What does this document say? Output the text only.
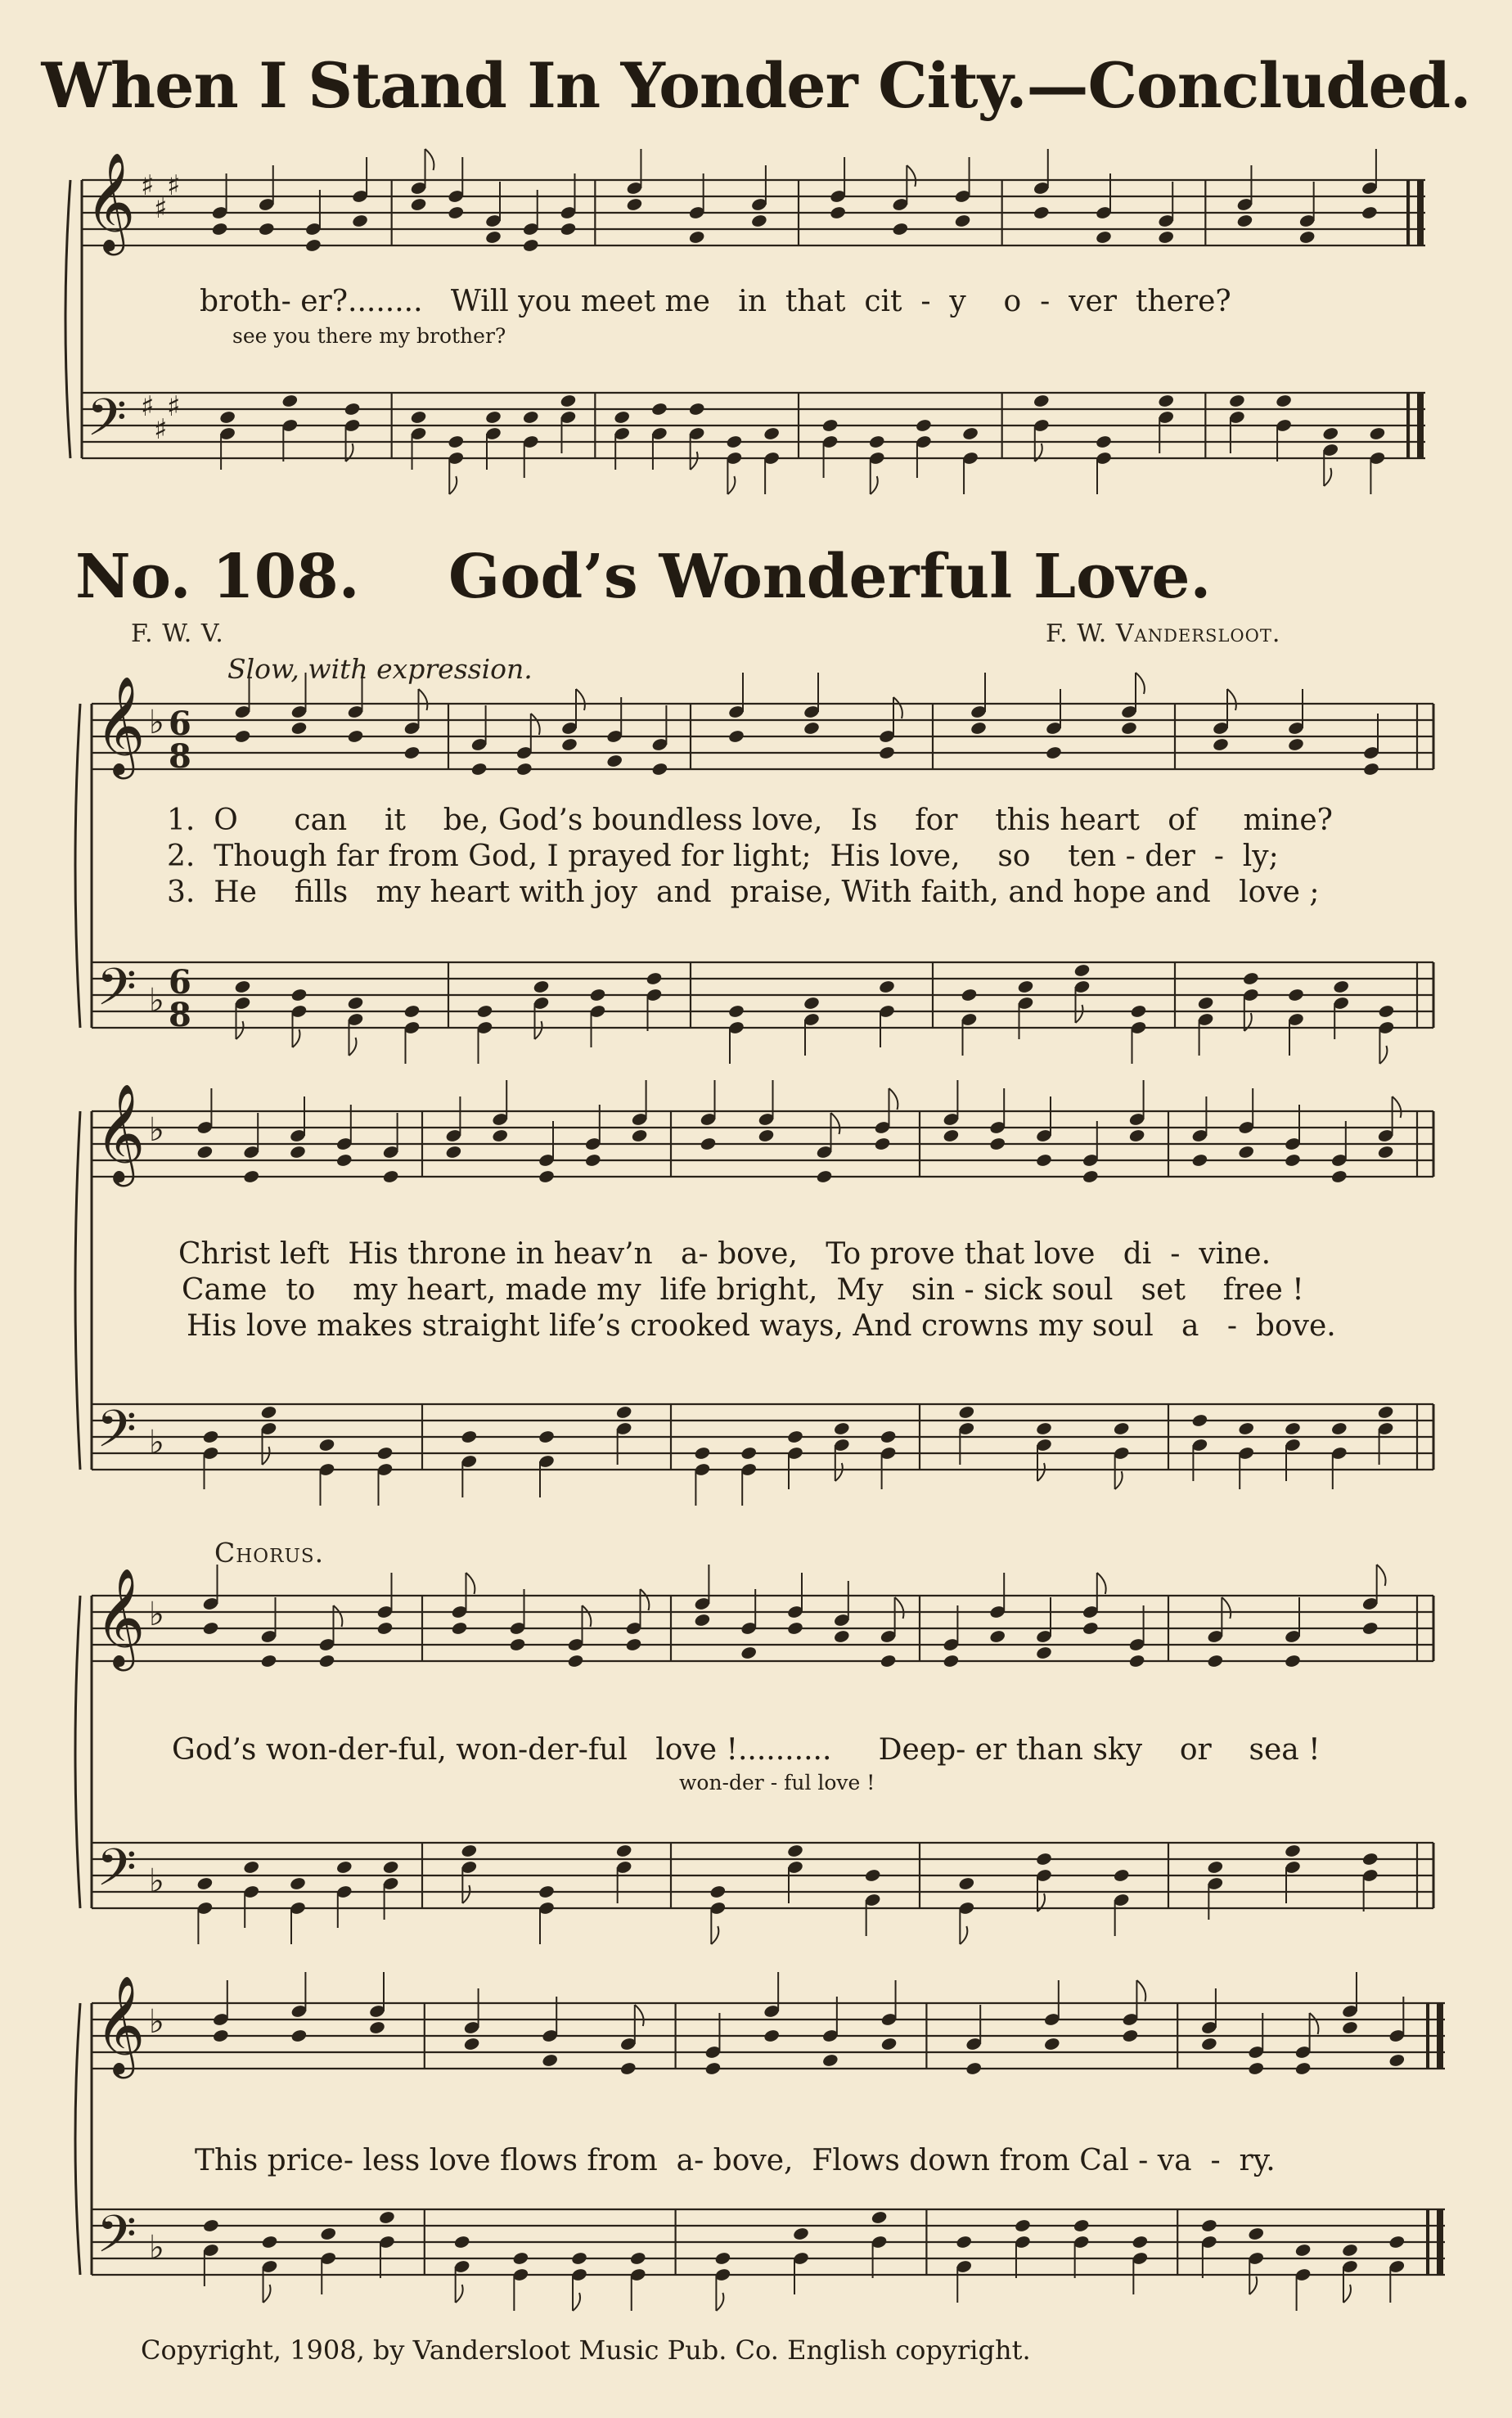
When I Stand In Yonder City.—Concluded.
broth- er?........   Will you meet me   in  that  cit  -  y    o  -  ver  there?
see you there my brother?
No. 108. God’s Wonderful Love.
F. W. V.	F. W. Vandersloot.
Slow, with expression.
1.  O      can    it    be, God’s boundless love,   Is    for    this heart   of     mine?
2.  Though far from God, I prayed for light;  His love,    so    ten - der  -  ly;
3.  He    fills   my heart with joy  and  praise, With faith, and hope and   love ;
Christ left  His throne in heav’n   a- bove,   To prove that love   di  -  vine.
Came  to    my heart, made my  life bright,  My   sin - sick soul   set    free !
His love makes straight life’s crooked ways, And crowns my soul   a   -  bove.
Chorus.
God’s won-der-ful, won-der-ful   love !..........     Deep- er than sky    or    sea !
won-der - ful love !
This price- less love flows from  a- bove,  Flows down from Cal - va  -  ry.
Copyright, 1908, by Vandersloot Music Pub. Co. English copyright.
𝄞
𝄢
♯
♯
♯
♯
♯
♯
𝄞
𝄢
♭
♭
6
8
6
8
𝄞
𝄢
♭
♭
𝄞
𝄢
♭
♭
𝄞
𝄢
♭
♭
